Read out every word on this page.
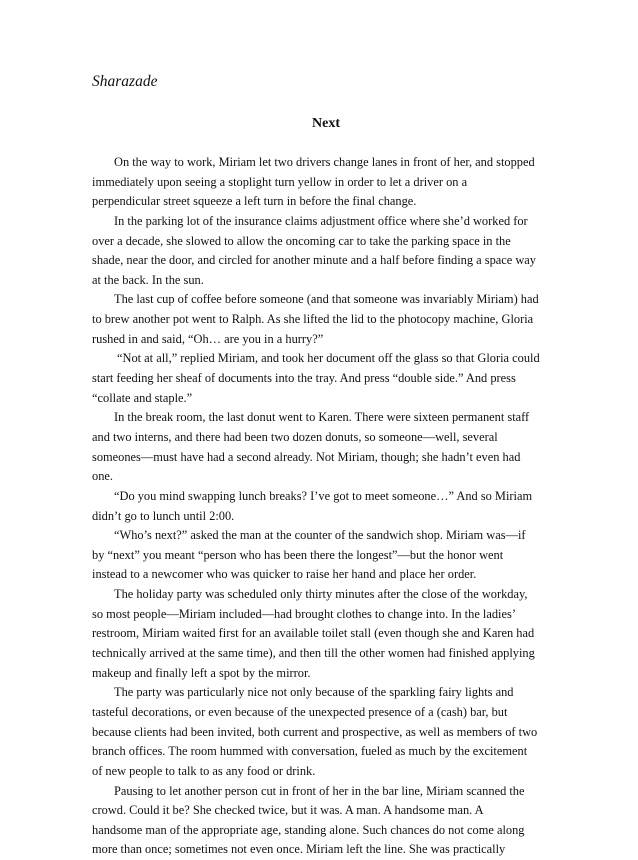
Sharazade
Next
On the way to work, Miriam let two drivers change lanes in front of her, and stopped
immediately upon seeing a stoplight turn yellow in order to let a driver on a
perpendicular street squeeze a left turn in before the final change.
In the parking lot of the insurance claims adjustment office where she’d worked for
over a decade, she slowed to allow the oncoming car to take the parking space in the
shade, near the door, and circled for another minute and a half before finding a space way
at the back. In the sun.
The last cup of coffee before someone (and that someone was invariably Miriam) had
to brew another pot went to Ralph. As she lifted the lid to the photocopy machine, Gloria
rushed in and said, “Oh… are you in a hurry?”
“Not at all,” replied Miriam, and took her document off the glass so that Gloria could
start feeding her sheaf of documents into the tray. And press “double side.” And press
“collate and staple.”
In the break room, the last donut went to Karen. There were sixteen permanent staff
and two interns, and there had been two dozen donuts, so someone—well, several
someones—must have had a second already. Not Miriam, though; she hadn’t even had
one.
“Do you mind swapping lunch breaks? I’ve got to meet someone…” And so Miriam
didn’t go to lunch until 2:00.
“Who’s next?” asked the man at the counter of the sandwich shop. Miriam was—if
by “next” you meant “person who has been there the longest”—but the honor went
instead to a newcomer who was quicker to raise her hand and place her order.
The holiday party was scheduled only thirty minutes after the close of the workday,
so most people—Miriam included—had brought clothes to change into. In the ladies’
restroom, Miriam waited first for an available toilet stall (even though she and Karen had
technically arrived at the same time), and then till the other women had finished applying
makeup and finally left a spot by the mirror.
The party was particularly nice not only because of the sparkling fairy lights and
tasteful decorations, or even because of the unexpected presence of a (cash) bar, but
because clients had been invited, both current and prospective, as well as members of two
branch offices. The room hummed with conversation, fueled as much by the excitement
of new people to talk to as any food or drink.
Pausing to let another person cut in front of her in the bar line, Miriam scanned the
crowd. Could it be? She checked twice, but it was. A man. A handsome man. A
handsome man of the appropriate age, standing alone. Such chances do not come along
more than once; sometimes not even once. Miriam left the line. She was practically
